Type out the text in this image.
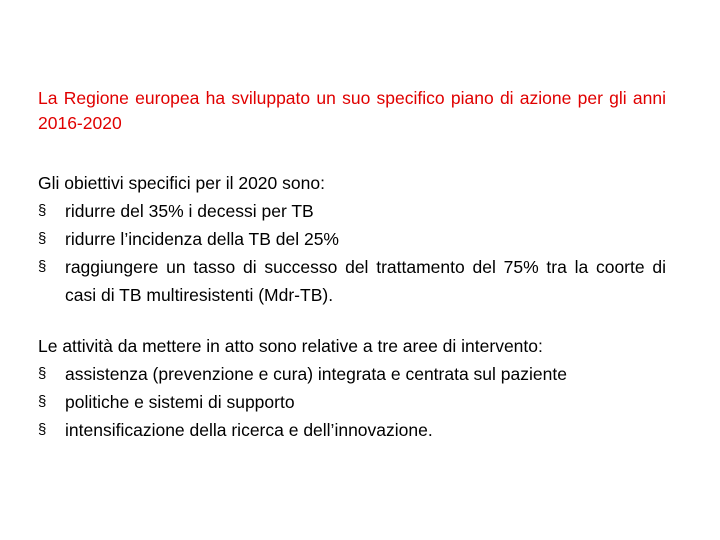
La Regione europea ha sviluppato un suo specifico piano di azione per gli anni 2016-2020

Gli obiettivi specifici per il 2020 sono:

§	ridurre del 35% i decessi per TB
§	ridurre l’incidenza della TB del 25%
§	raggiungere un tasso di successo del trattamento del 75% tra la coorte di casi di TB multiresistenti (Mdr-TB).

Le attività da mettere in atto sono relative a tre aree di intervento:

§	assistenza (prevenzione e cura) integrata e centrata sul paziente
§	politiche e sistemi di supporto
§	intensificazione della ricerca e dell’innovazione.
